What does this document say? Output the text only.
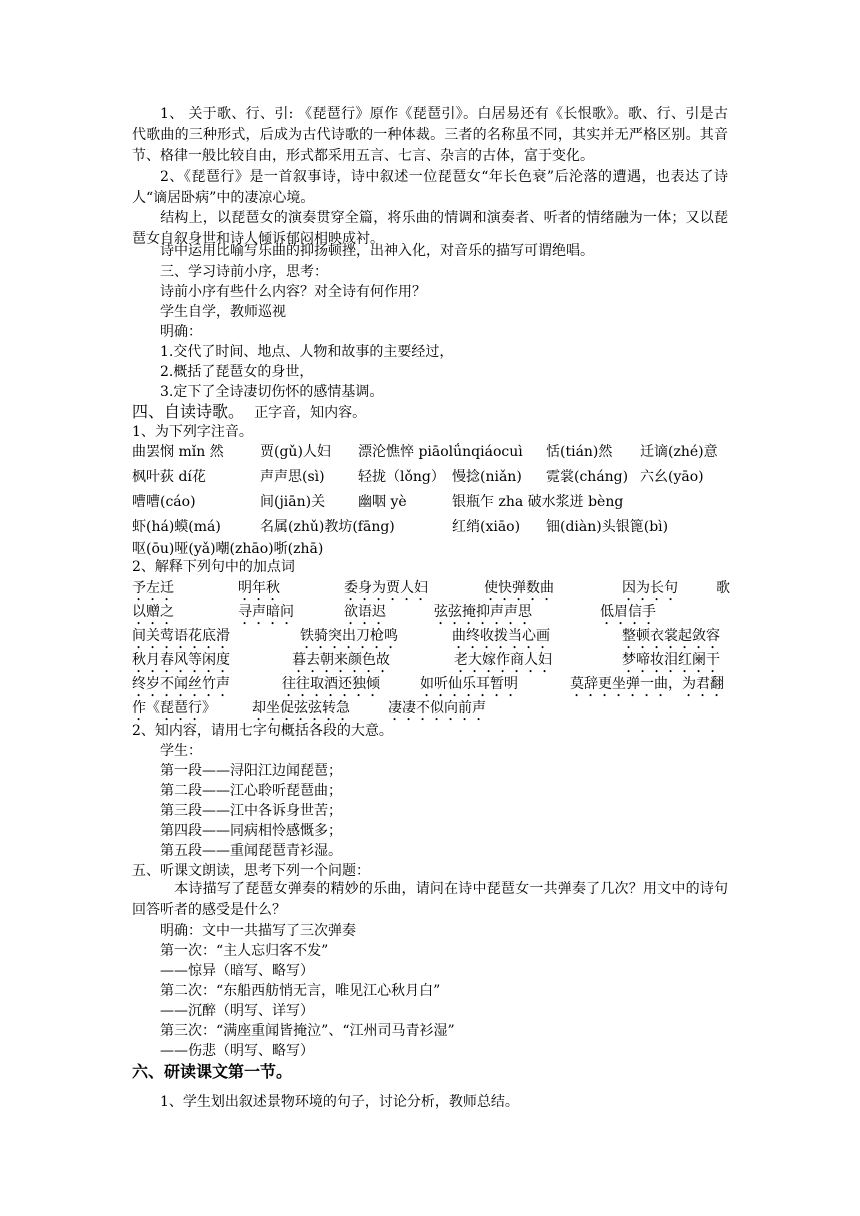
1、 关于歌、行、引: 《琵琶行》原作《琵琶引》。白居易还有《长恨歌》。歌、行、引是古代歌曲的三种形式，后成为古代诗歌的一种体裁。三者的名称虽不同，其实并无严格区别。其音节、格律一般比较自由，形式都采用五言、七言、杂言的古体，富于变化。
2、《琵琶行》是一首叙事诗，诗中叙述一位琵琶女“年长色衰”后沦落的遭遇，也表达了诗人“谪居卧病”中的凄凉心境。
结构上，以琵琶女的演奏贯穿全篇，将乐曲的情调和演奏者、听者的情绪融为一体；又以琵琶女自叙身世和诗人倾诉郁闷相映成衬。
诗中运用比喻写乐曲的抑扬顿挫，出神入化，对音乐的描写可谓绝唱。
三、学习诗前小序，思考：
诗前小序有些什么内容？对全诗有何作用？
学生自学，教师巡视
明确：
1.交代了时间、地点、人物和故事的主要经过，
2.概括了琵琶女的身世，
3.定下了全诗凄切伤怀的感情基调。
四、自读诗歌。 正字音，知内容。
1、为下列字注音。
曲罢悯 mǐn 然	贾(gǔ)人妇 漂沦憔悴 piāolǘnqiáocuì 恬(tián)然 迁谪(zhé)意
枫叶荻 dí花	声声思(sì) 轻拢（lǒng） 慢捻(niǎn) 霓裳(cháng) 六幺(yāo)
嘈嘈(cáo)	间(jiān)关 幽咽 yè	银瓶乍 zha 破水浆迸 bèng
虾(há)蟆(má)	名属(zhǔ)教坊(fāng)	红绡(xiāo) 钿(diàn)头银篦(bì)
呕(ōu)哑(yǎ)嘲(zhāo)哳(zhā)
2、解释下列句中的加点词
予左迁	明年秋	委身为贾人妇	使快弹数曲	因为长句	歌
以赠之	寻声暗问	欲语迟	弦弦掩抑声声思	低眉信手
间关莺语花底滑	铁骑突出刀枪鸣	曲终收拨当心画	整顿衣裳起敛容
秋月春风等闲度	暮去朝来颜色故	老大嫁作商人妇	梦啼妆泪红阑干
终岁不闻丝竹声	往往取酒还独倾	如听仙乐耳暂明	莫辞更坐弹一曲，为君翻
作《琵琶行》	却坐促弦弦转急	凄凄不似向前声
2、知内容，请用七字句概括各段的大意。
学生：
第一段——浔阳江边闻琵琶；
第二段——江心聆听琵琶曲；
第三段——江中各诉身世苦；
第四段——同病相怜感慨多；
第五段——重闻琵琶青衫湿。
五、听课文朗读，思考下列一个问题：
本诗描写了琵琶女弹奏的精妙的乐曲，请问在诗中琵琶女一共弹奏了几次？用文中的诗句回答听者的感受是什么？
明确：文中一共描写了三次弹奏
第一次：“主人忘归客不发”
——惊异（暗写、略写）
第二次：“东船西舫悄无言，唯见江心秋月白”
——沉醉（明写、详写）
第三次：“满座重闻皆掩泣”、“江州司马青衫湿”
——伤悲（明写、略写）
六、研读课文第一节。
1、学生划出叙述景物环境的句子，讨论分析，教师总结。
